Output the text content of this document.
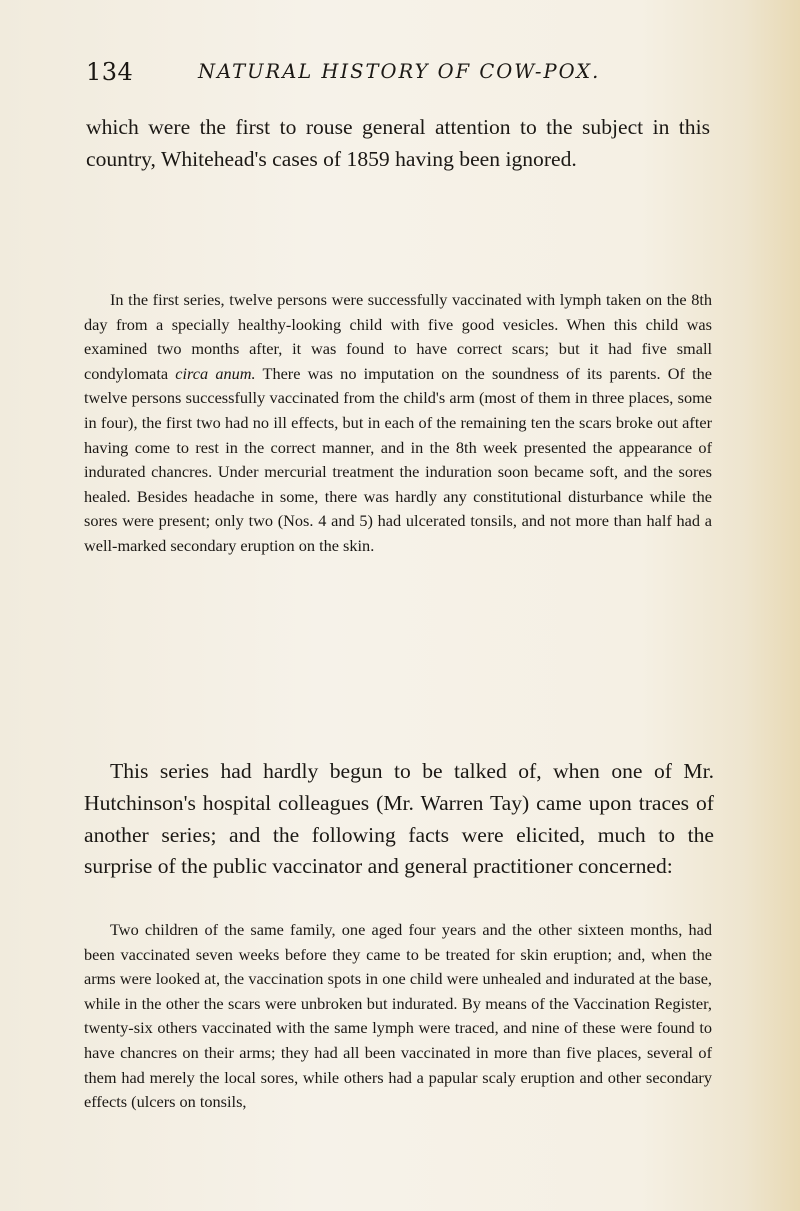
134	NATURAL HISTORY OF COW-POX.

which were the first to rouse general attention to the subject in this country, Whitehead's cases of 1859 having been ignored.

In the first series, twelve persons were successfully vaccinated with lymph taken on the 8th day from a specially healthy-looking child with five good vesicles. When this child was examined two months after, it was found to have correct scars; but it had five small condylomata circa anum. There was no imputation on the soundness of its parents. Of the twelve persons successfully vaccinated from the child's arm (most of them in three places, some in four), the first two had no ill effects, but in each of the remaining ten the scars broke out after having come to rest in the correct manner, and in the 8th week presented the appearance of indurated chancres. Under mercurial treatment the induration soon became soft, and the sores healed. Besides headache in some, there was hardly any constitutional disturbance while the sores were present; only two (Nos. 4 and 5) had ulcerated tonsils, and not more than half had a well-marked secondary eruption on the skin.

This series had hardly begun to be talked of, when one of Mr. Hutchinson's hospital colleagues (Mr. Warren Tay) came upon traces of another series; and the following facts were elicited, much to the surprise of the public vaccinator and general practitioner concerned:

Two children of the same family, one aged four years and the other sixteen months, had been vaccinated seven weeks before they came to be treated for skin eruption; and, when the arms were looked at, the vaccination spots in one child were unhealed and indurated at the base, while in the other the scars were unbroken but indurated. By means of the Vaccination Register, twenty-six others vaccinated with the same lymph were traced, and nine of these were found to have chancres on their arms; they had all been vaccinated in more than five places, several of them had merely the local sores, while others had a papular scaly eruption and other secondary effects (ulcers on tonsils,
